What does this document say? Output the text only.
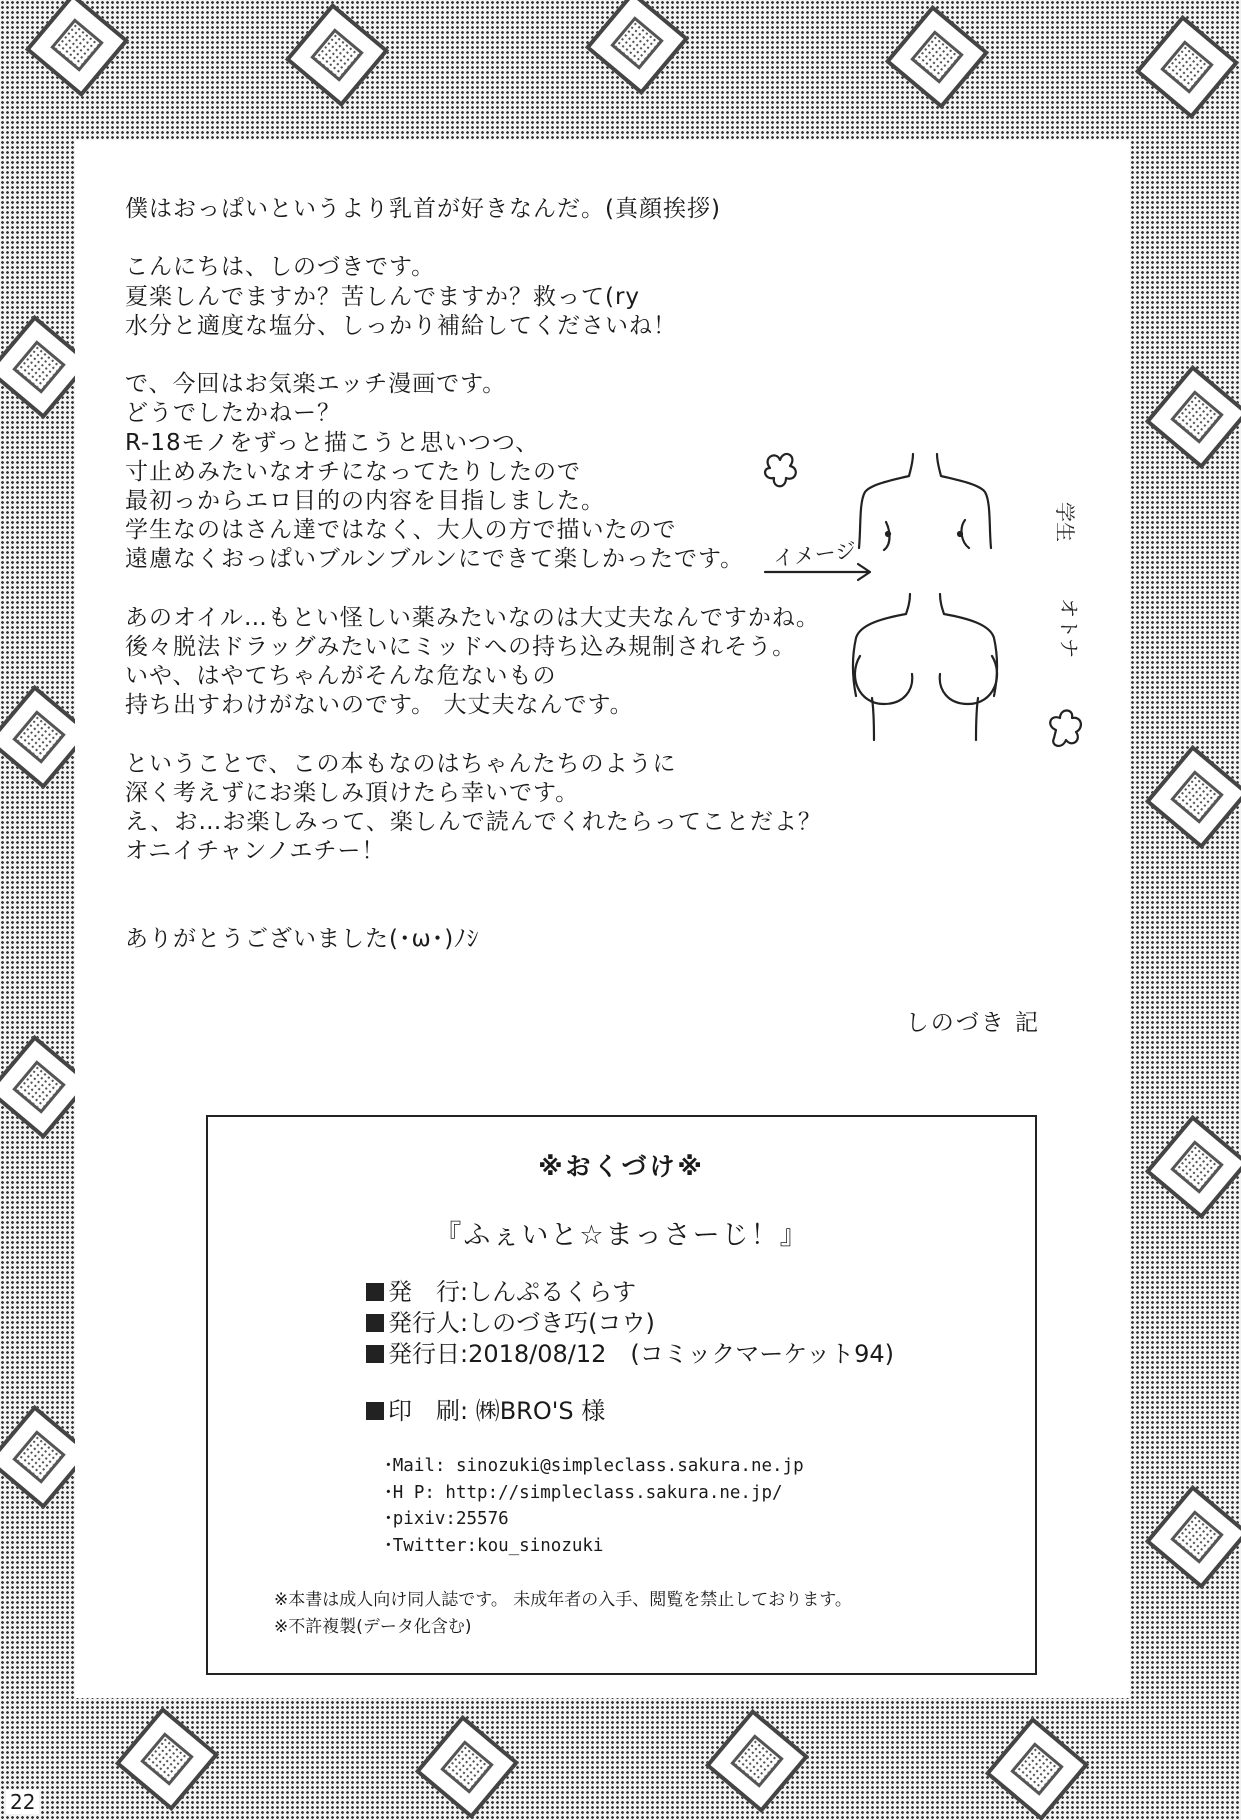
僕はおっぱいというより乳首が好きなんだ。(真顔挨拶)

こんにちは、しのづきです。
夏楽しんでますか？苦しんでますか？救って(ry
水分と適度な塩分、しっかり補給してくださいね！

で、今回はお気楽エッチ漫画です。
どうでしたかねー？
R-18モノをずっと描こうと思いつつ、
寸止めみたいなオチになってたりしたので
最初っからエロ目的の内容を目指しました。
学生なのはさん達ではなく、大人の方で描いたので
遠慮なくおっぱいブルンブルンにできて楽しかったです。

あのオイル…もとい怪しい薬みたいなのは大丈夫なんですかね。
後々脱法ドラッグみたいにミッドへの持ち込み規制されそう。
いや、はやてちゃんがそんな危ないもの
持ち出すわけがないのです。 大丈夫なんです。

ということで、この本もなのはちゃんたちのように
深く考えずにお楽しみ頂けたら幸いです。
え、お…お楽しみって、楽しんで読んでくれたらってことだよ？
オニイチャンノエチー！

ありがとうございました(･ω･)ﾉｼ

しのづき 記
イメージ
学生
オトナ
※おくづけ※
『ふぇいと☆まっさーじ！』
発　行:しんぷるくらす
発行人:しのづき巧(コウ)
発行日:2018/08/12　(コミックマーケット94)
印　刷: ㈱BRO'S 様
･Mail: sinozuki@simpleclass.sakura.ne.jp
･H P: http://simpleclass.sakura.ne.jp/
･pixiv:25576
･Twitter:kou_sinozuki
※本書は成人向け同人誌です。 未成年者の入手、閲覧を禁止しております。
※不許複製(データ化含む)
22
